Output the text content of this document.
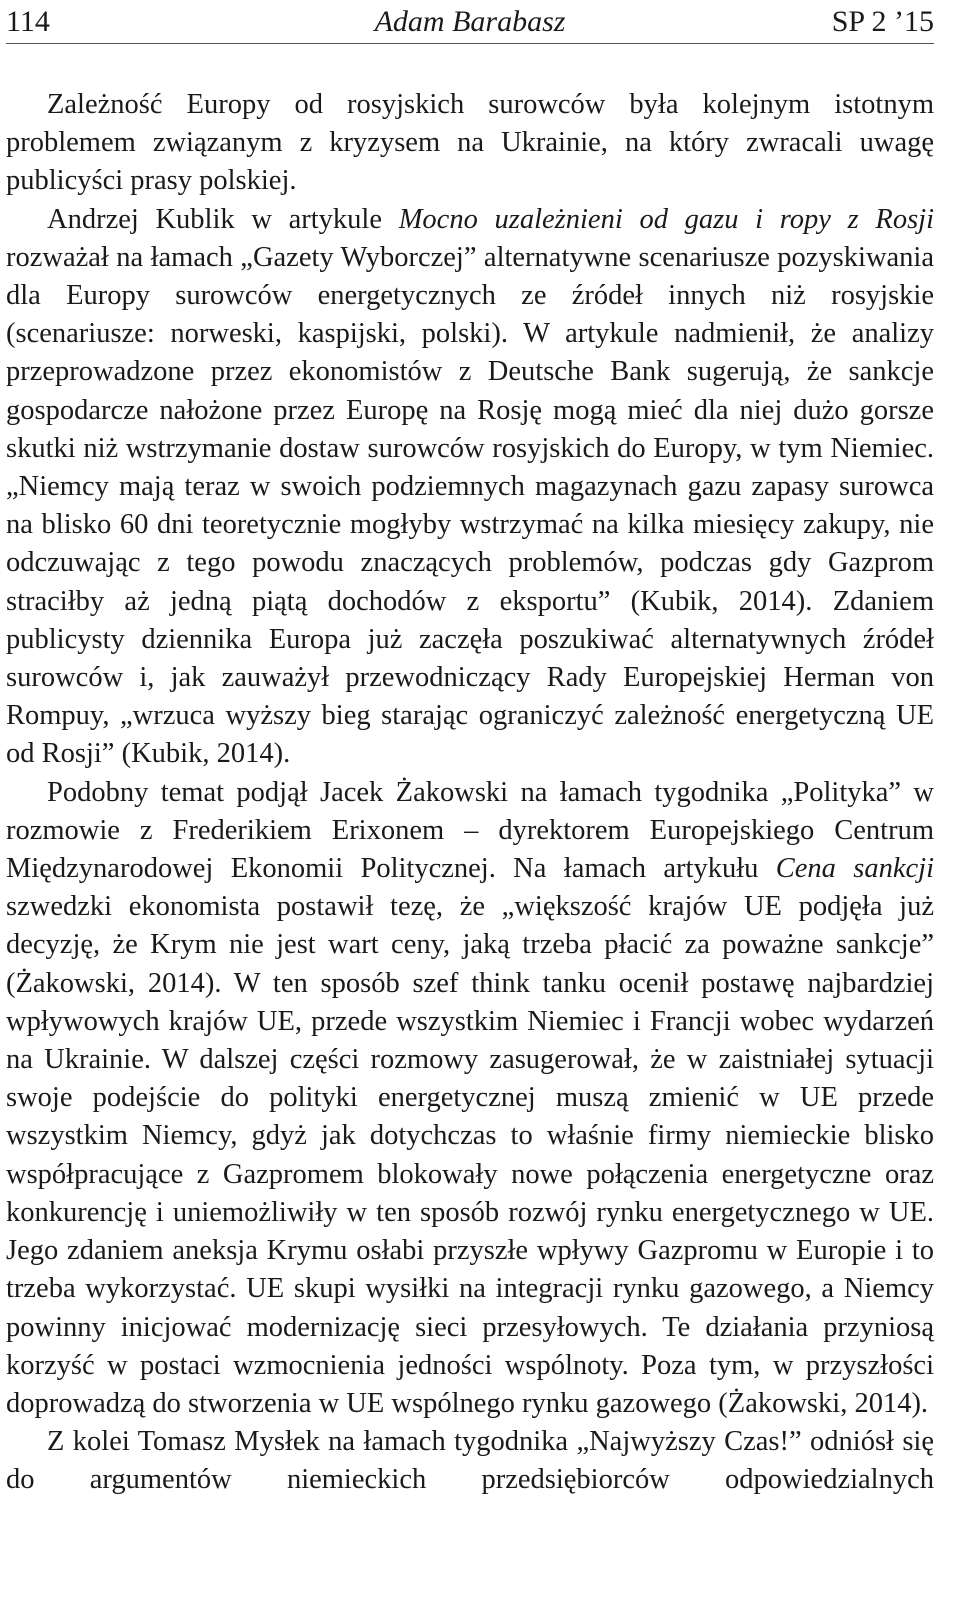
114	Adam Barabasz	SP 2 ’15

Zależność Europy od rosyjskich surowców była kolejnym istotnym problemem związanym z kryzysem na Ukrainie, na który zwracali uwagę publicyści prasy polskiej.

Andrzej Kublik w artykule Mocno uzależnieni od gazu i ropy z Rosji rozważał na łamach „Gazety Wyborczej” alternatywne scenariusze pozyskiwania dla Europy surowców energetycznych ze źródeł innych niż rosyjskie (scenariusze: norweski, kaspijski, polski). W artykule nadmienił, że analizy przeprowadzone przez ekonomistów z Deutsche Bank sugerują, że sankcje gospodarcze nałożone przez Europę na Rosję mogą mieć dla niej dużo gorsze skutki niż wstrzymanie dostaw surowców rosyjskich do Europy, w tym Niemiec. „Niemcy mają teraz w swoich podziemnych magazynach gazu zapasy surowca na blisko 60 dni teoretycznie mogłyby wstrzymać na kilka miesięcy zakupy, nie odczuwając z tego powodu znaczących problemów, podczas gdy Gazprom straciłby aż jedną piątą dochodów z eksportu” (Kubik, 2014). Zdaniem publicysty dziennika Europa już zaczęła poszukiwać alternatywnych źródeł surowców i, jak zauważył przewodniczący Rady Europejskiej Herman von Rompuy, „wrzuca wyższy bieg starając ograniczyć zależność energetyczną UE od Rosji” (Kubik, 2014).

Podobny temat podjął Jacek Żakowski na łamach tygodnika „Polityka” w rozmowie z Frederikiem Erixonem – dyrektorem Europejskiego Centrum Międzynarodowej Ekonomii Politycznej. Na łamach artykułu Cena sankcji szwedzki ekonomista postawił tezę, że „większość krajów UE podjęła już decyzję, że Krym nie jest wart ceny, jaką trzeba płacić za poważne sankcje” (Żakowski, 2014). W ten sposób szef think tanku ocenił postawę najbardziej wpływowych krajów UE, przede wszystkim Niemiec i Francji wobec wydarzeń na Ukrainie. W dalszej części rozmowy zasugerował, że w zaistniałej sytuacji swoje podejście do polityki energetycznej muszą zmienić w UE przede wszystkim Niemcy, gdyż jak dotychczas to właśnie firmy niemieckie blisko współpracujące z Gazpromem blokowały nowe połączenia energetyczne oraz konkurencję i uniemożliwiły w ten sposób rozwój rynku energetycznego w UE. Jego zdaniem aneksja Krymu osłabi przyszłe wpływy Gazpromu w Europie i to trzeba wykorzystać. UE skupi wysiłki na integracji rynku gazowego, a Niemcy powinny inicjować modernizację sieci przesyłowych. Te działania przyniosą korzyść w postaci wzmocnienia jedności wspólnoty. Poza tym, w przyszłości doprowadzą do stworzenia w UE wspólnego rynku gazowego (Żakowski, 2014).

Z kolei Tomasz Mysłek na łamach tygodnika „Najwyższy Czas!” odniósł się do argumentów niemieckich przedsiębiorców odpowiedzialnych
